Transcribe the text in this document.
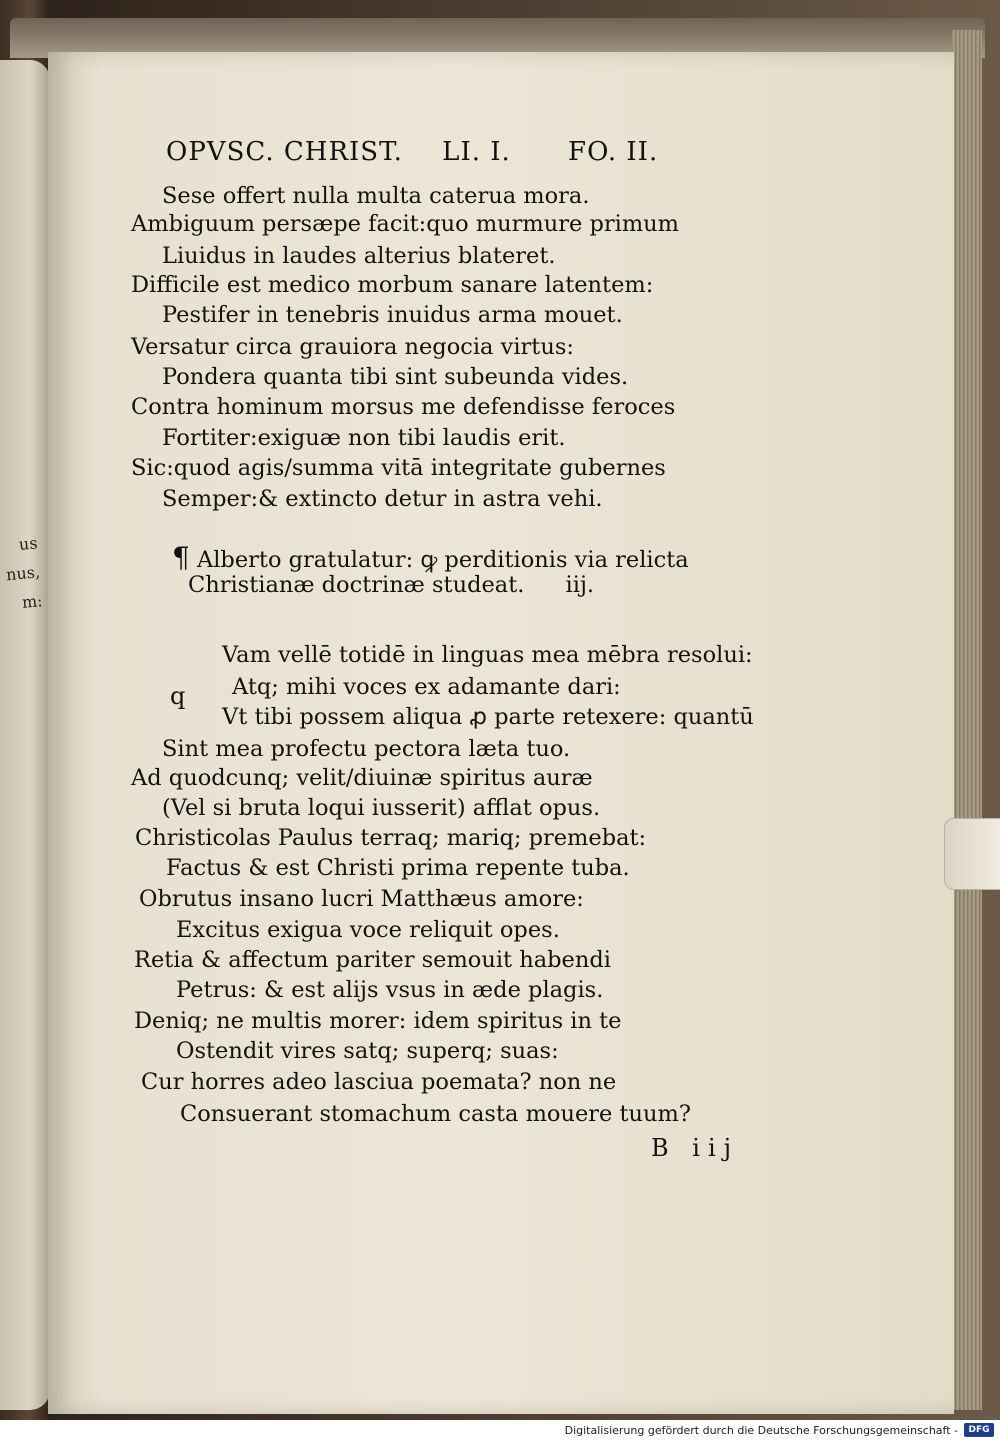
us
nus,
m:
OPVSC. CHRIST. LI. I. FO. II.
Sese offert nulla multa caterua mora.
Ambiguum persæpe facit:quo murmure primum
Liuidus in laudes alterius blateret.
Difficile est medico morbum sanare latentem:
Pestifer in tenebris inuidus arma mouet.
Versatur circa grauiora negocia virtus:
Pondera quanta tibi sint subeunda vides.
Contra hominum morsus me defendisse feroces
Fortiter:exiguæ non tibi laudis erit.
Sic:quod agis/summa vitā integritate gubernes
Semper:& extincto detur in astra vehi.
¶ Alberto gratulatur: ꝙ perditionis via relicta
Christianæ doctrinæ studeat. iij.
Vam vellē totidē in linguas mea mēbra resolui:
q Atq; mihi voces ex adamante dari:
Vt tibi possem aliqua ꝓ parte retexere: quantū
Sint mea profectu pectora læta tuo.
Ad quodcunq; velit/diuinæ spiritus auræ
(Vel si bruta loqui iusserit) afflat opus.
Christicolas Paulus terraq; mariq; premebat:
Factus & est Christi prima repente tuba.
Obrutus insano lucri Matthæus amore:
Excitus exigua voce reliquit opes.
Retia & affectum pariter semouit habendi
Petrus: & est alijs vsus in æde plagis.
Deniq; ne multis morer: idem spiritus in te
Ostendit vires satq; superq; suas:
Cur horres adeo lasciua poemata? non ne
Consuerant stomachum casta mouere tuum?
B iij
Digitalisierung gefördert durch die Deutsche Forschungsgemeinschaft -	DFG
